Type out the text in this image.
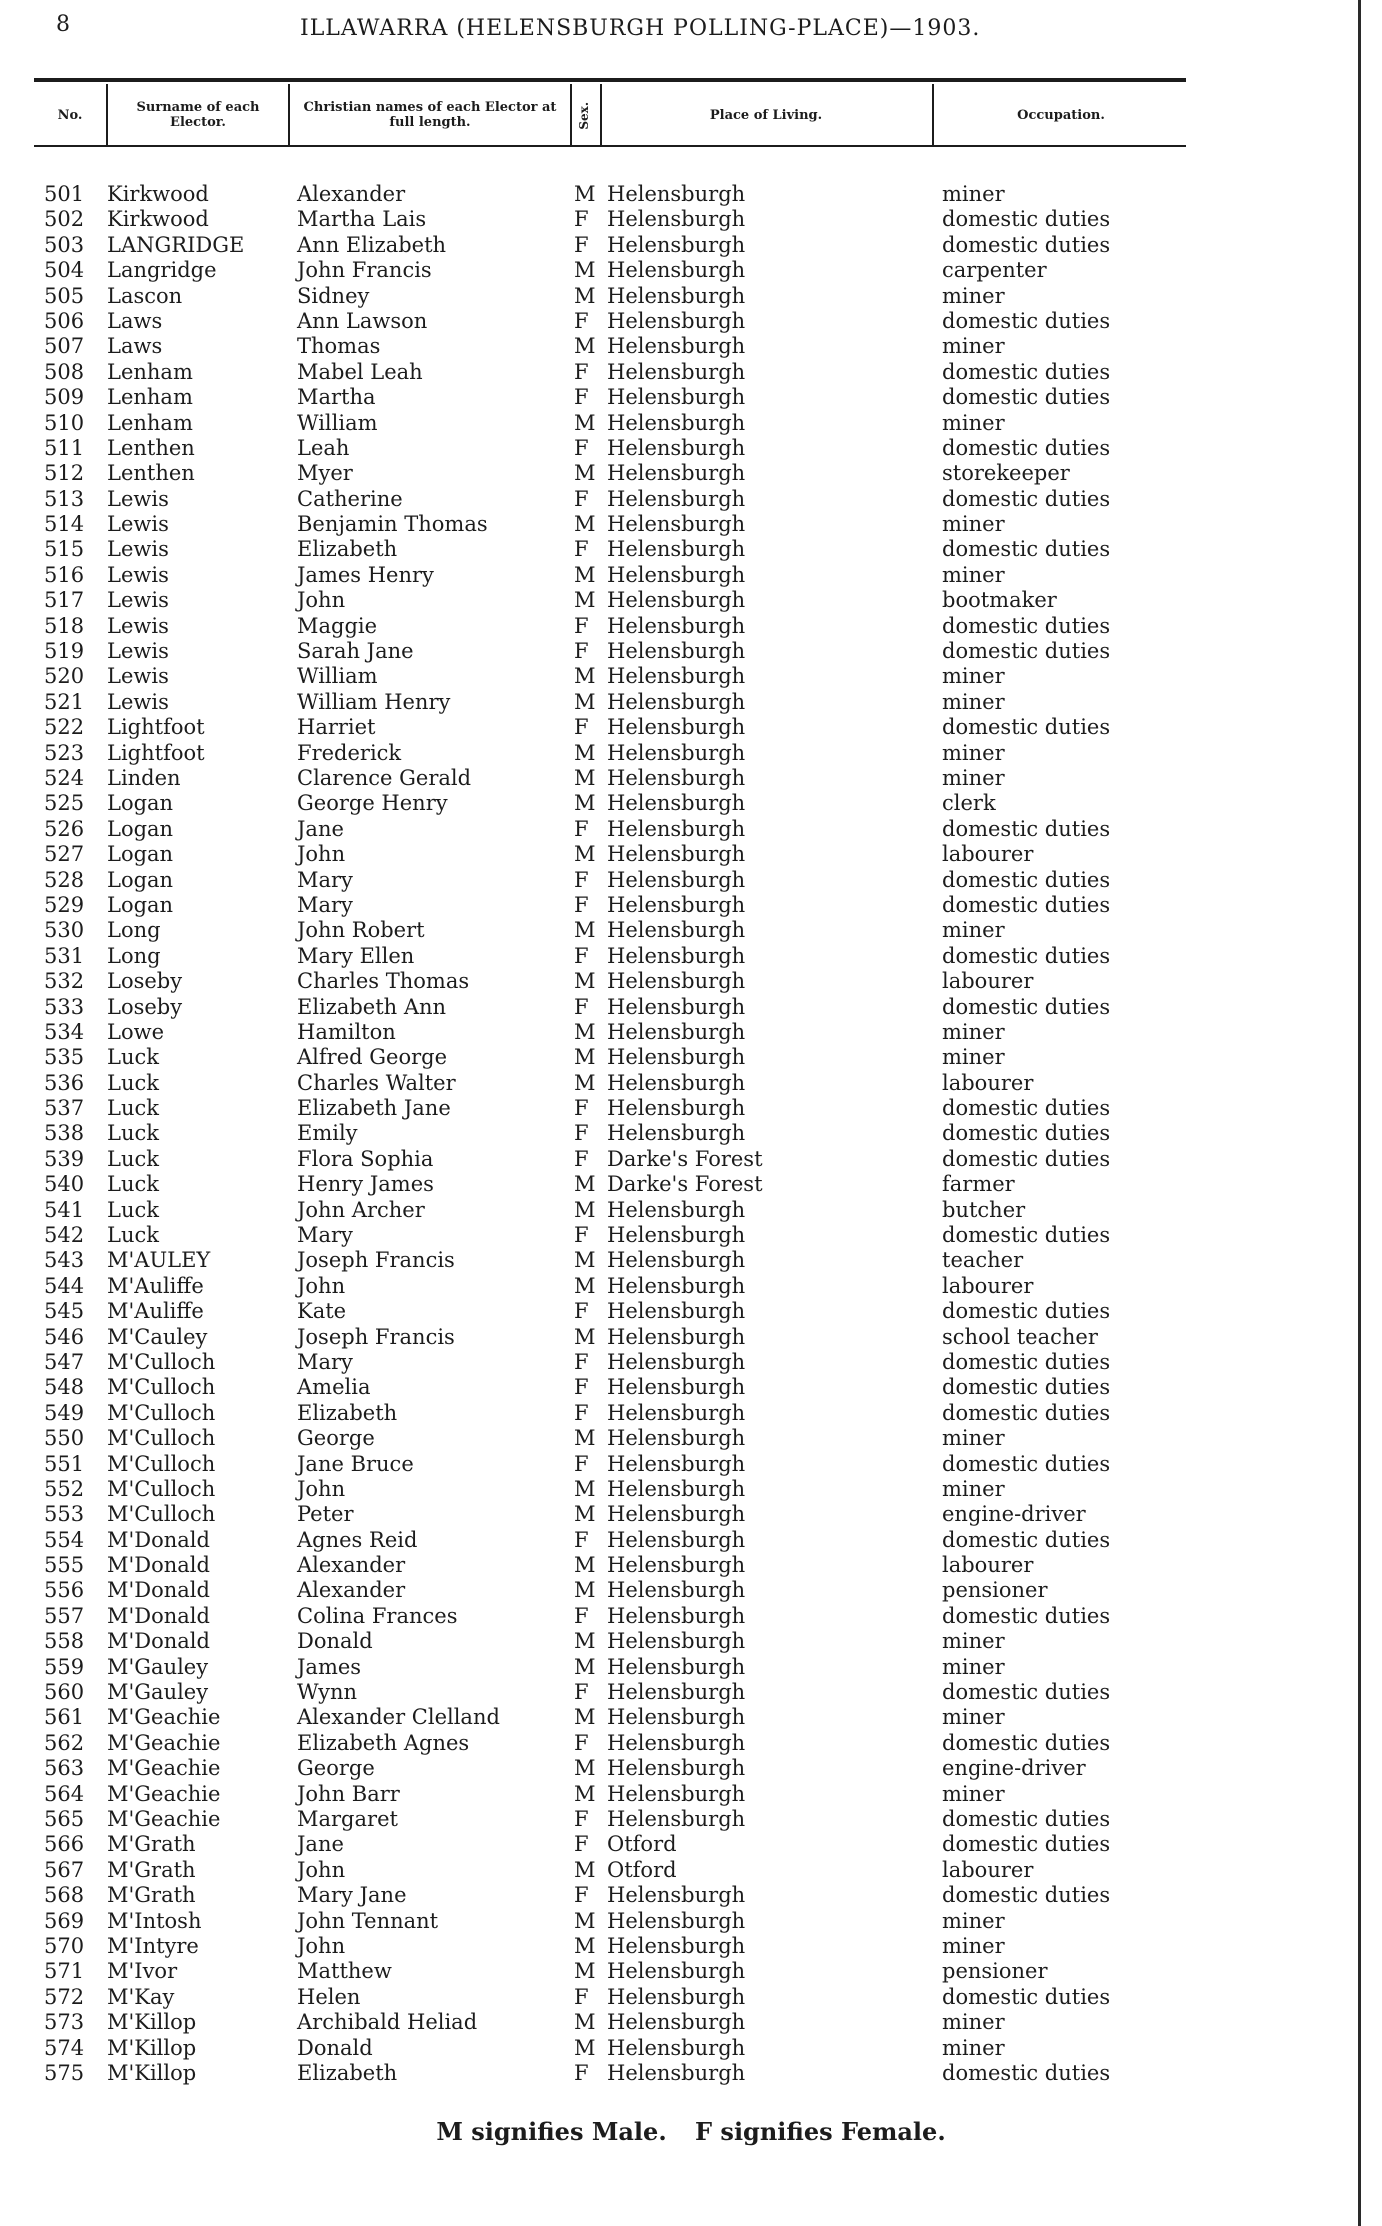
8	ILLAWARRA (HELENSBURGH POLLING-PLACE)—1903.
No.	Surname of each Elector.
Christian names of each Elector at full length.	Sex.	Place of Living.	Occupation.
501 Kirkwood	Alexander	M Helensburgh	miner
502 Kirkwood	Martha Lais	F Helensburgh	domestic duties
503 LANGRIDGE	Ann Elizabeth	F Helensburgh	domestic duties
504 Langridge	John Francis	M Helensburgh	carpenter
505 Lascon	Sidney	M Helensburgh	miner
506 Laws	Ann Lawson	F Helensburgh	domestic duties
507 Laws	Thomas	M Helensburgh	miner
508 Lenham	Mabel Leah	F Helensburgh	domestic duties
509 Lenham	Martha	F Helensburgh	domestic duties
510 Lenham	William	M Helensburgh	miner
511 Lenthen	Leah	F Helensburgh	domestic duties
512 Lenthen	Myer	M Helensburgh	storekeeper
513 Lewis	Catherine	F Helensburgh	domestic duties
514 Lewis	Benjamin Thomas	M Helensburgh	miner
515 Lewis	Elizabeth	F Helensburgh	domestic duties
516 Lewis	James Henry	M Helensburgh	miner
517 Lewis	John	M Helensburgh	bootmaker
518 Lewis	Maggie	F Helensburgh	domestic duties
519 Lewis	Sarah Jane	F Helensburgh	domestic duties
520 Lewis	William	M Helensburgh	miner
521 Lewis	William Henry	M Helensburgh	miner
522 Lightfoot	Harriet	F Helensburgh	domestic duties
523 Lightfoot	Frederick	M Helensburgh	miner
524 Linden	Clarence Gerald	M Helensburgh	miner
525 Logan	George Henry	M Helensburgh	clerk
526 Logan	Jane	F Helensburgh	domestic duties
527 Logan	John	M Helensburgh	labourer
528 Logan	Mary	F Helensburgh	domestic duties
529 Logan	Mary	F Helensburgh	domestic duties
530 Long	John Robert	M Helensburgh	miner
531 Long	Mary Ellen	F Helensburgh	domestic duties
532 Loseby	Charles Thomas	M Helensburgh	labourer
533 Loseby	Elizabeth Ann	F Helensburgh	domestic duties
534 Lowe	Hamilton	M Helensburgh	miner
535 Luck	Alfred George	M Helensburgh	miner
536 Luck	Charles Walter	M Helensburgh	labourer
537 Luck	Elizabeth Jane	F Helensburgh	domestic duties
538 Luck	Emily	F Helensburgh	domestic duties
539 Luck	Flora Sophia	F Darke's Forest	domestic duties
540 Luck	Henry James	M Darke's Forest	farmer
541 Luck	John Archer	M Helensburgh	butcher
542 Luck	Mary	F Helensburgh	domestic duties
543 M'AULEY	Joseph Francis	M Helensburgh	teacher
544 M'Auliffe	John	M Helensburgh	labourer
545 M'Auliffe	Kate	F Helensburgh	domestic duties
546 M'Cauley	Joseph Francis	M Helensburgh	school teacher
547 M'Culloch	Mary	F Helensburgh	domestic duties
548 M'Culloch	Amelia	F Helensburgh	domestic duties
549 M'Culloch	Elizabeth	F Helensburgh	domestic duties
550 M'Culloch	George	M Helensburgh	miner
551 M'Culloch	Jane Bruce	F Helensburgh	domestic duties
552 M'Culloch	John	M Helensburgh	miner
553 M'Culloch	Peter	M Helensburgh	engine-driver
554 M'Donald	Agnes Reid	F Helensburgh	domestic duties
555 M'Donald	Alexander	M Helensburgh	labourer
556 M'Donald	Alexander	M Helensburgh	pensioner
557 M'Donald	Colina Frances	F Helensburgh	domestic duties
558 M'Donald	Donald	M Helensburgh	miner
559 M'Gauley	James	M Helensburgh	miner
560 M'Gauley	Wynn	F Helensburgh	domestic duties
561 M'Geachie	Alexander Clelland	M Helensburgh	miner
562 M'Geachie	Elizabeth Agnes	F Helensburgh	domestic duties
563 M'Geachie	George	M Helensburgh	engine-driver
564 M'Geachie	John Barr	M Helensburgh	miner
565 M'Geachie	Margaret	F Helensburgh	domestic duties
566 M'Grath	Jane	F Otford	domestic duties
567 M'Grath	John	M Otford	labourer
568 M'Grath	Mary Jane	F Helensburgh	domestic duties
569 M'Intosh	John Tennant	M Helensburgh	miner
570 M'Intyre	John	M Helensburgh	miner
571 M'Ivor	Matthew	M Helensburgh	pensioner
572 M'Kay	Helen	F Helensburgh	domestic duties
573 M'Killop	Archibald Heliad	M Helensburgh	miner
574 M'Killop	Donald	M Helensburgh	miner
575 M'Killop	Elizabeth	F Helensburgh	domestic duties
M signifies Male. F signifies Female.
